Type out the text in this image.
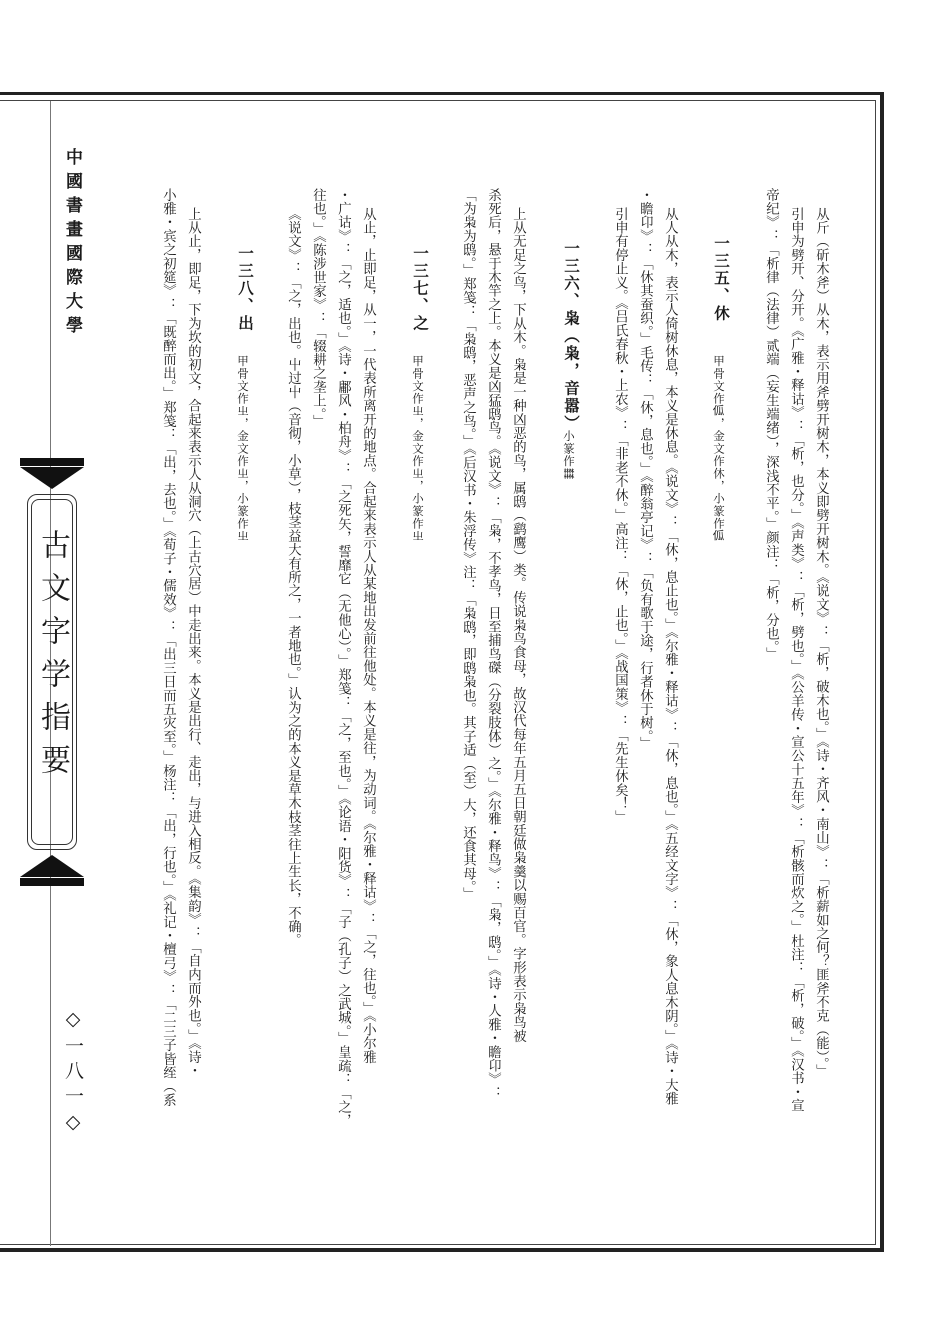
中國書畫國際大學
古文字学指要
◇一八一◇	从斤（斫木斧）从木，表示用斧劈开树木，本义即劈开树木。《说文》：「析，破木也。」《诗・齐风・南山》：「析薪如之何？匪斧不克（能）。」
引申为劈开、分开。《广雅・释诂》：「析，也分。」《声类》：「析，劈也。」《公羊传・宣公十五年》：「析骸而炊之。」杜注：「析，破。」《汉书・宣
帝纪》：「析律（法律）贰端（妄生端绪），深浅不平。」颜注：「析，分也。」
一三五、休
甲骨文作𠇗，金文作休，小篆作𠇗
从人从木，表示人倚树休息，本义是休息。《说文》：「休，息止也。」《尔雅・释诂》：「休，息也。」《五经文字》：「休，象人息木阴。」《诗・大雅
・瞻卬》：「休其蚕织。」毛传：「休，息也。」《醉翁亭记》：「负有歌于途，行者休于树。」
引申有停止义。《吕氏春秋・上农》：「非老不休。」高注：「休，止也。」《战国策》：「先生休矣！」
一三六、枭（枭，音嚣）
小篆作𣡽
上从无足之鸟，下从木。枭是一种凶恶的鸟，属鸱（鹞鹰）类。传说枭鸟食母，故汉代每年五月五日朝廷做枭羹以赐百官。字形表示枭鸟被
杀死后，悬于木竿之上。本义是凶猛鸱鸟。《说文》：「枭，不孝鸟，日至捕鸟磔（分裂肢体）之。」《尔雅・释鸟》：「枭，鸱。」《诗・人雅・瞻卬》：
「为枭为鸱。」郑笺：「枭鸱，恶声之鸟。」《后汉书・朱浮传》注：「枭鸱，即鸱枭也。其子适（至）大，还食其母。」
一三七、之
甲骨文作㞢，金文作㞢，小篆作㞢
从止，止即足，从一，一代表所离开的地点。合起来表示人从某地出发前往他处。本义是往，为动词。《尔雅・释诂》：「之，往也。」《小尔雅
・广诂》：「之，适也。」《诗・鄘风・柏舟》：「之死矢，誓靡它（无他心）。」郑笺：「之，至也。」《论语・阳货》：「子（孔子）之武城。」皇疏：「之，
往也。」《陈涉世家》：「辍耕之垄上。」
《说文》：「之，出也。屮过屮（音彻，小草），枝茎益大有所之，一者地也。」认为之的本义是草木枝茎往上生长，不确。
一三八、出
甲骨文作㞢，金文作㞢，小篆作㞢
上从止，即足，下为坎的初文，合起来表示人从洞穴（上古穴居）中走出来。本义是出行、走出，与进入相反。《集韵》：「自内而外也。」《诗・
小雅・宾之初筵》：「既醉而出。」郑笺：「出，去也。」《荀子・儒效》：「出三日而五灾至。」杨注：「出，行也。」《礼记・檀弓》：「二三子皆绖（系
